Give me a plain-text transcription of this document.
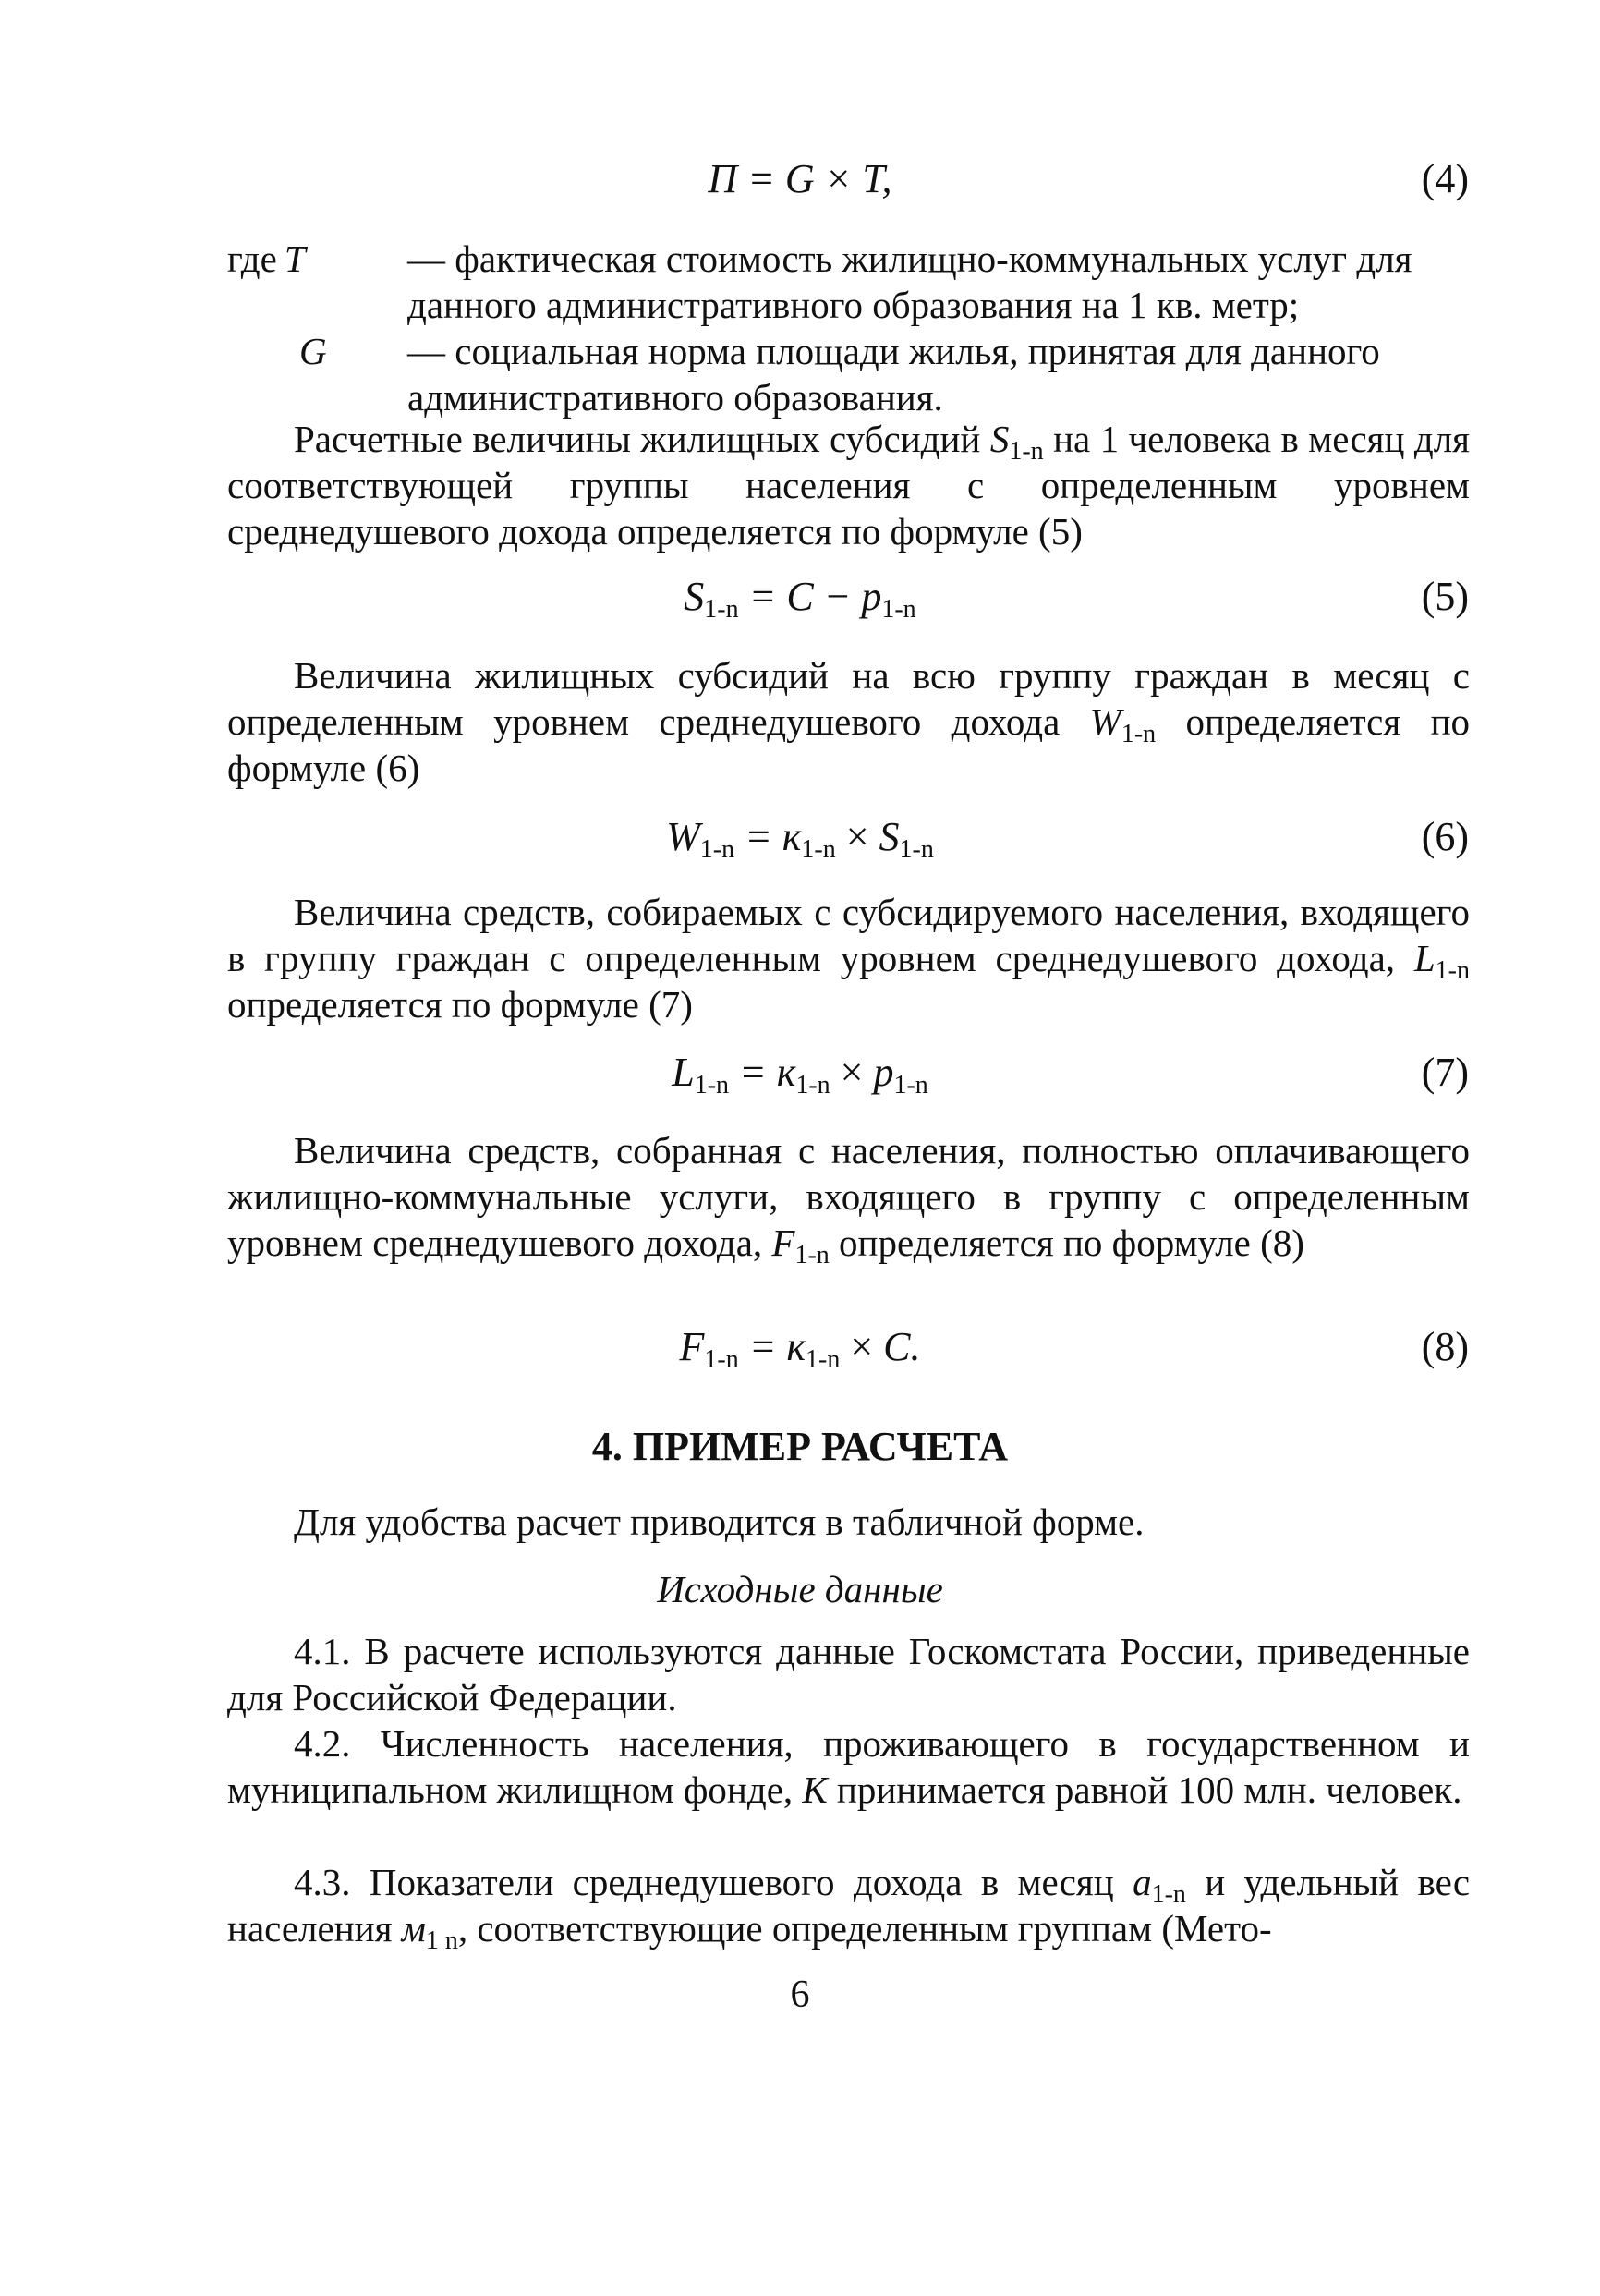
П = G × T,	(4)
где T	— фактическая стоимость жилищно-коммунальных услуг для данного административного образования на 1 кв. метр;
G — социальная норма площади жилья, принятая для данного административного образования.
Расчетные величины жилищных субсидий $S_{1-n}$ на 1 человека в месяц для соответствующей группы населения с определенным уровнем среднедушевого дохода определяется по формуле (5)
$S_{1-n} = C - p_{1-n}$	(5)
Величина жилищных субсидий на всю группу граждан в месяц с определенным уровнем среднедушевого дохода $W_{1-n}$ определяется по формуле (6)
$W_{1-n} = к_{1-n} \times S_{1-n}$	(6)
Величина средств, собираемых с субсидируемого населения, входящего в группу граждан с определенным уровнем среднедушевого дохода, $L_{1-n}$ определяется по формуле (7)
$L_{1-n} = к_{1-n} \times p_{1-n}$	(7)
Величина средств, собранная с населения, полностью оплачивающего жилищно-коммунальные услуги, входящего в группу с определенным уровнем среднедушевого дохода, $F_{1-n}$ определяется по формуле (8)
$F_{1-n} = к_{1-n} \times C$.	(8)
4. ПРИМЕР РАСЧЕТА
Для удобства расчет приводится в табличной форме.
Исходные данные
4.1. В расчете используются данные Госкомстата России, приведенные для Российской Федерации.
4.2. Численность населения, проживающего в государственном и муниципальном жилищном фонде, К принимается равной 100 млн. человек.
4.3. Показатели среднедушевого дохода в месяц $a_{1-n}$ и удельный вес населения $м_{1 n}$, соответствующие определенным группам (Мето-
6
